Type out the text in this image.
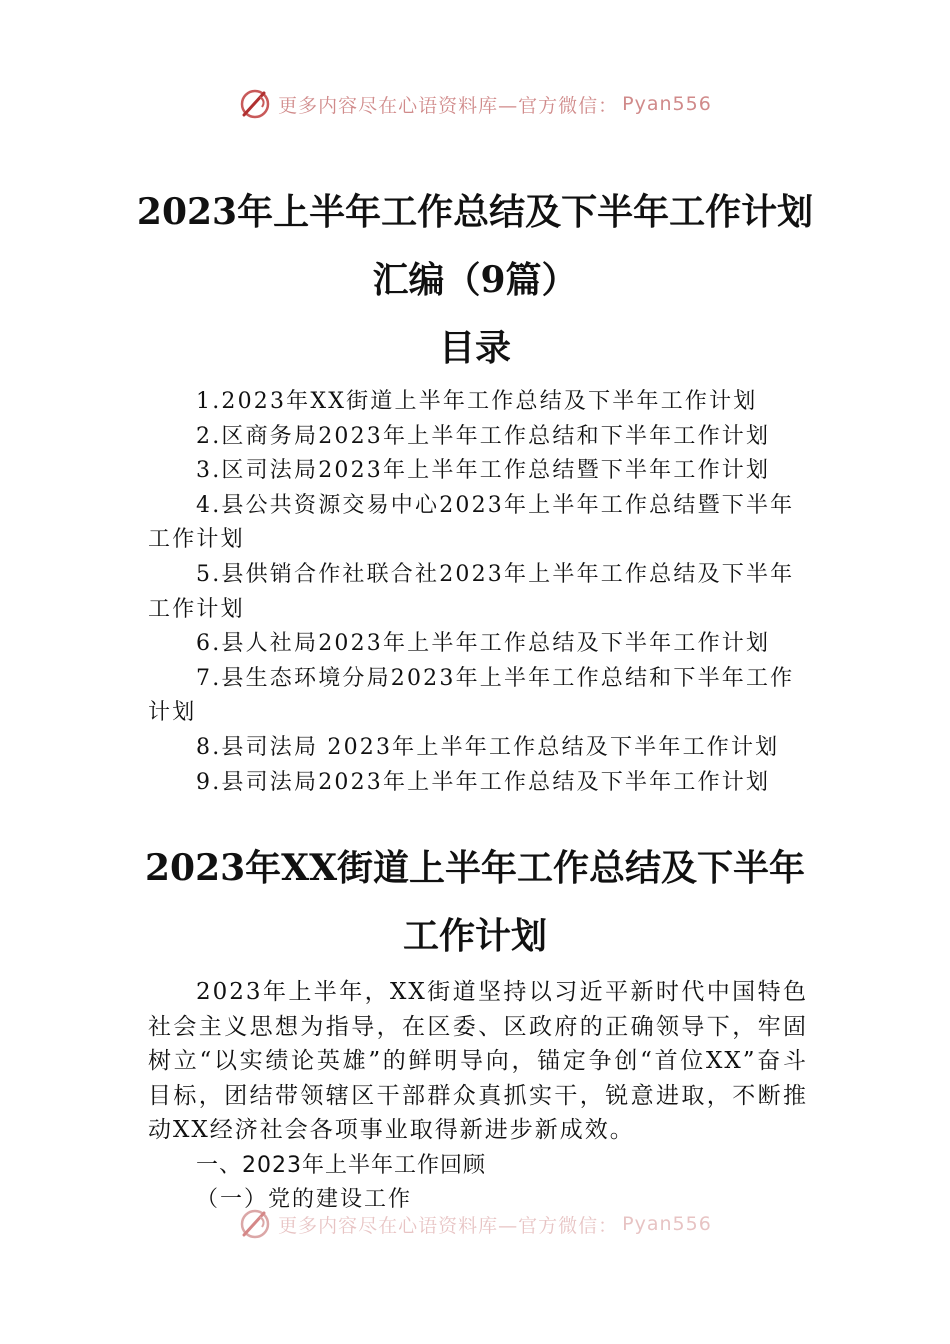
更多内容尽在心语资料库—官方微信： Pyan556
2023年上半年工作总结及下半年工作计划
汇编（9篇）
目录
1.2023年XX街道上半年工作总结及下半年工作计划
2.区商务局2023年上半年工作总结和下半年工作计划
3.区司法局2023年上半年工作总结暨下半年工作计划
4.县公共资源交易中心2023年上半年工作总结暨下半年工作计划
5.县供销合作社联合社2023年上半年工作总结及下半年工作计划
6.县人社局2023年上半年工作总结及下半年工作计划
7.县生态环境分局2023年上半年工作总结和下半年工作计划
8.县司法局 2023年上半年工作总结及下半年工作计划
9.县司法局2023年上半年工作总结及下半年工作计划
2023年XX街道上半年工作总结及下半年
工作计划

2023年上半年，XX街道坚持以习近平新时代中国特色社会主义思想为指导，在区委、区政府的正确领导下，牢固树立“以实绩论英雄”的鲜明导向，锚定争创“首位XX”奋斗目标，团结带领辖区干部群众真抓实干，锐意进取，不断推动XX经济社会各项事业取得新进步新成效。

一、2023年上半年工作回顾
（一）党的建设工作
更多内容尽在心语资料库—官方微信： Pyan556
